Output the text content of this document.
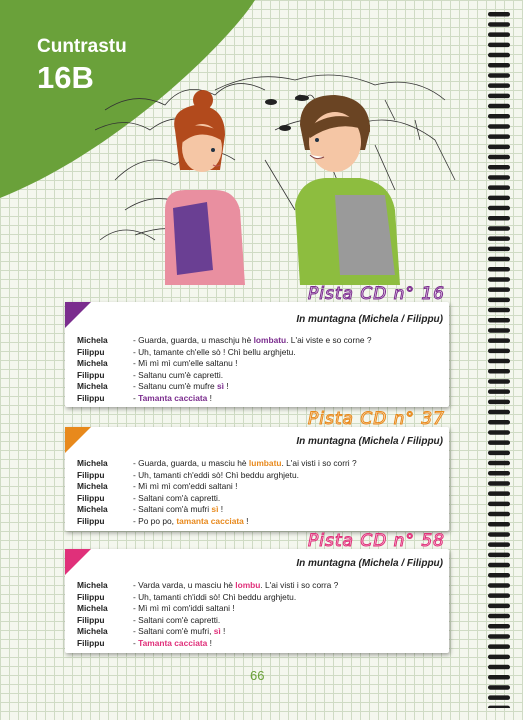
Cuntrastu
16B
Pista CD n° 16
In muntagna (Michela / Filippu)
Michela	- Guarda, guarda, u maschju hè lombatu. L'ai viste e so corne ?
Filippu	- Uh, tamante ch'elle sò ! Chì bellu arghjetu.
Michela	- Mì mì mì cum'elle saltanu !
Filippu	- Saltanu cum'è capretti.
Michela	- Saltanu cum'è mufre sì !
Filippu	- Tamanta cacciata !
Pista CD n° 37
In muntagna (Michela / Filippu)
Michela	- Guarda, guarda, u masciu hè lumbatu. L'ai visti i so corri ?
Filippu	- Uh, tamanti ch'eddi sò! Chì beddu arghjetu.
Michela	- Mì mì mì com'eddi saltani !
Filippu	- Saltani com'à capretti.
Michela	- Saltani com'à mufri sì !
Filippu	- Po po po, tamanta cacciata !
Pista CD n° 58
In muntagna (Michela / Filippu)
Michela	- Varda varda, u masciu hè lombu. L'ai visti i so corra ?
Filippu	- Uh, tamanti ch'iddi sò! Chì beddu arghjetu.
Michela	- Mì mì mì com'iddi saltani !
Filippu	- Saltani com'è capretti.
Michela	- Saltani com'è mufri, sì !
Filippu	- Tamanta cacciata !
66
